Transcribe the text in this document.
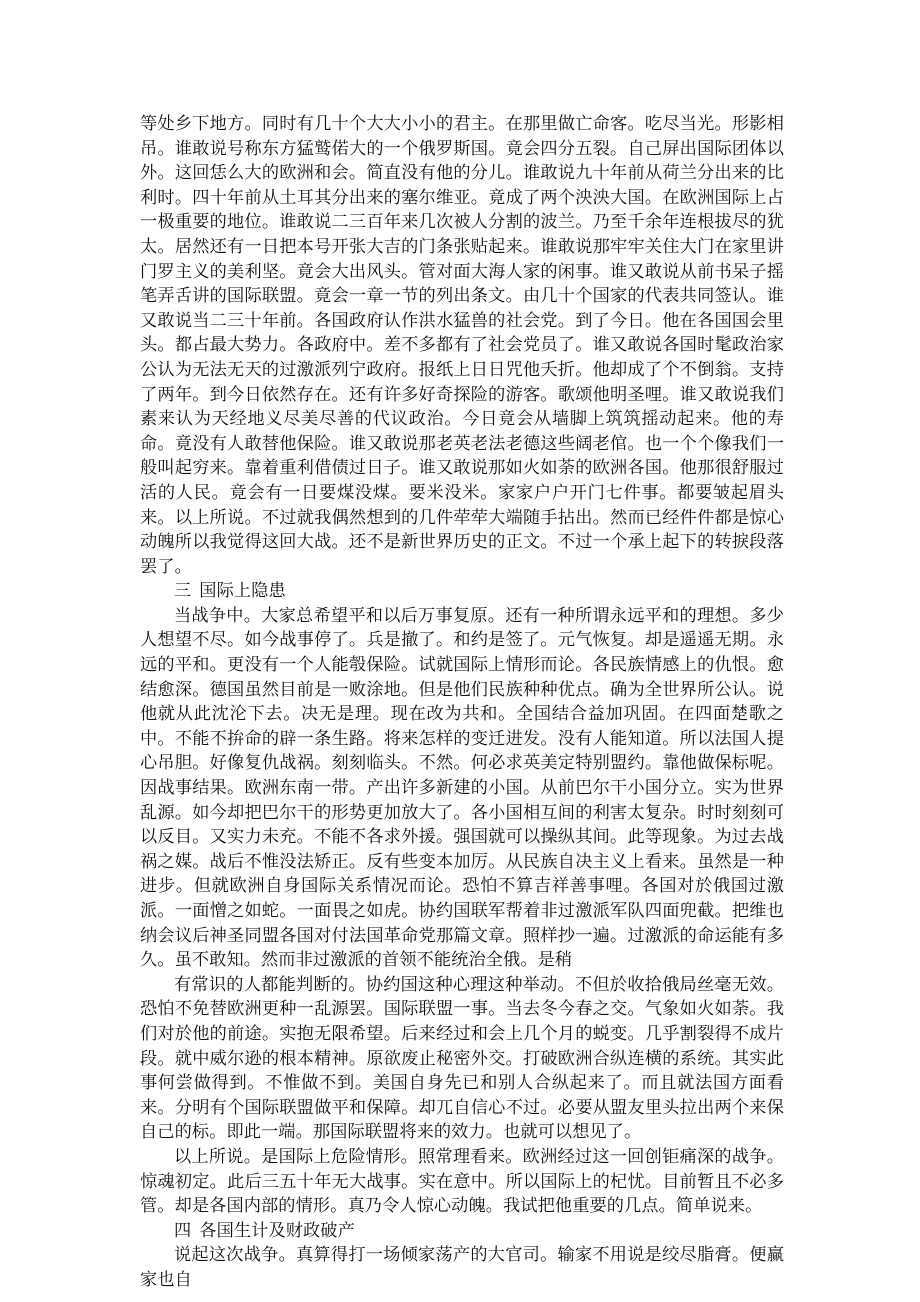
等处乡下地方。同时有几十个大大小小的君主。在那里做亡命客。吃尽当光。形影相吊。谁敢说号称东方猛鹫偌大的一个俄罗斯国。竟会四分五裂。自己屏出国际团体以外。这回恁么大的欧洲和会。简直没有他的分儿。谁敢说九十年前从荷兰分出来的比利时。四十年前从土耳其分出来的塞尔维亚。竟成了两个泱泱大国。在欧洲国际上占一极重要的地位。谁敢说二三百年来几次被人分割的波兰。乃至千余年连根拔尽的犹太。居然还有一日把本号开张大吉的门条张贴起来。谁敢说那牢牢关住大门在家里讲门罗主义的美利坚。竟会大出风头。管对面大海人家的闲事。谁又敢说从前书呆子摇笔弄舌讲的国际联盟。竟会一章一节的列出条文。由几十个国家的代表共同签认。谁又敢说当二三十年前。各国政府认作洪水猛兽的社会党。到了今日。他在各国国会里头。都占最大势力。各政府中。差不多都有了社会党员了。谁又敢说各国时髦政治家公认为无法无天的过激派列宁政府。报纸上日日咒他夭折。他却成了个不倒翁。支持了两年。到今日依然存在。还有许多好奇探险的游客。歌颂他明圣哩。谁又敢说我们素来认为天经地义尽美尽善的代议政治。今日竟会从墙脚上筑筑摇动起来。他的寿命。竟没有人敢替他保险。谁又敢说那老英老法老德这些阔老倌。也一个个像我们一般叫起穷来。靠着重利借债过日子。谁又敢说那如火如荼的欧洲各国。他那很舒服过活的人民。竟会有一日要煤没煤。要米没米。家家户户开门七件事。都要皱起眉头来。以上所说。不过就我偶然想到的几件荦荦大端随手拈出。然而已经件件都是惊心动魄所以我觉得这回大战。还不是新世界历史的正文。不过一个承上起下的转捩段落罢了。

三 国际上隐患

当战争中。大家总希望平和以后万事复原。还有一种所谓永远平和的理想。多少人想望不尽。如今战事停了。兵是撤了。和约是签了。元气恢复。却是遥遥无期。永远的平和。更没有一个人能彀保险。试就国际上情形而论。各民族情感上的仇恨。愈结愈深。德国虽然目前是一败涂地。但是他们民族种种优点。确为全世界所公认。说他就从此沈沦下去。决无是理。现在改为共和。全国结合益加巩固。在四面楚歌之中。不能不拚命的辟一条生路。将来怎样的变迁进发。没有人能知道。所以法国人提心吊胆。好像复仇战祸。刻刻临头。不然。何必求英美定特别盟约。靠他做保标呢。因战事结果。欧洲东南一带。产出许多新建的小国。从前巴尔干小国分立。实为世界乱源。如今却把巴尔干的形势更加放大了。各小国相互间的利害太复杂。时时刻刻可以反目。又实力未充。不能不各求外援。强国就可以操纵其间。此等现象。为过去战祸之媒。战后不惟没法矫正。反有些变本加厉。从民族自决主义上看来。虽然是一种进步。但就欧洲自身国际关系情况而论。恐怕不算吉祥善事哩。各国对於俄国过激派。一面憎之如蛇。一面畏之如虎。协约国联军帮着非过激派军队四面兜截。把维也纳会议后神圣同盟各国对付法国革命党那篇文章。照样抄一遍。过激派的命运能有多久。虽不敢知。然而非过激派的首领不能统治全俄。是稍

有常识的人都能判断的。协约国这种心理这种举动。不但於收拾俄局丝毫无效。恐怕不免替欧洲更种一乱源罢。国际联盟一事。当去冬今春之交。气象如火如荼。我们对於他的前途。实抱无限希望。后来经过和会上几个月的蜕变。几乎割裂得不成片段。就中威尔逊的根本精神。原欲废止秘密外交。打破欧洲合纵连横的系统。其实此事何尝做得到。不惟做不到。美国自身先已和别人合纵起来了。而且就法国方面看来。分明有个国际联盟做平和保障。却兀自信心不过。必要从盟友里头拉出两个来保自己的标。即此一端。那国际联盟将来的效力。也就可以想见了。

以上所说。是国际上危险情形。照常理看来。欧洲经过这一回创钜痛深的战争。惊魂初定。此后三五十年无大战事。实在意中。所以国际上的杞忧。目前暂且不必多管。却是各国内部的情形。真乃令人惊心动魄。我试把他重要的几点。简单说来。

四 各国生计及财政破产

说起这次战争。真算得打一场倾家荡产的大官司。输家不用说是绞尽脂膏。便赢家也自
